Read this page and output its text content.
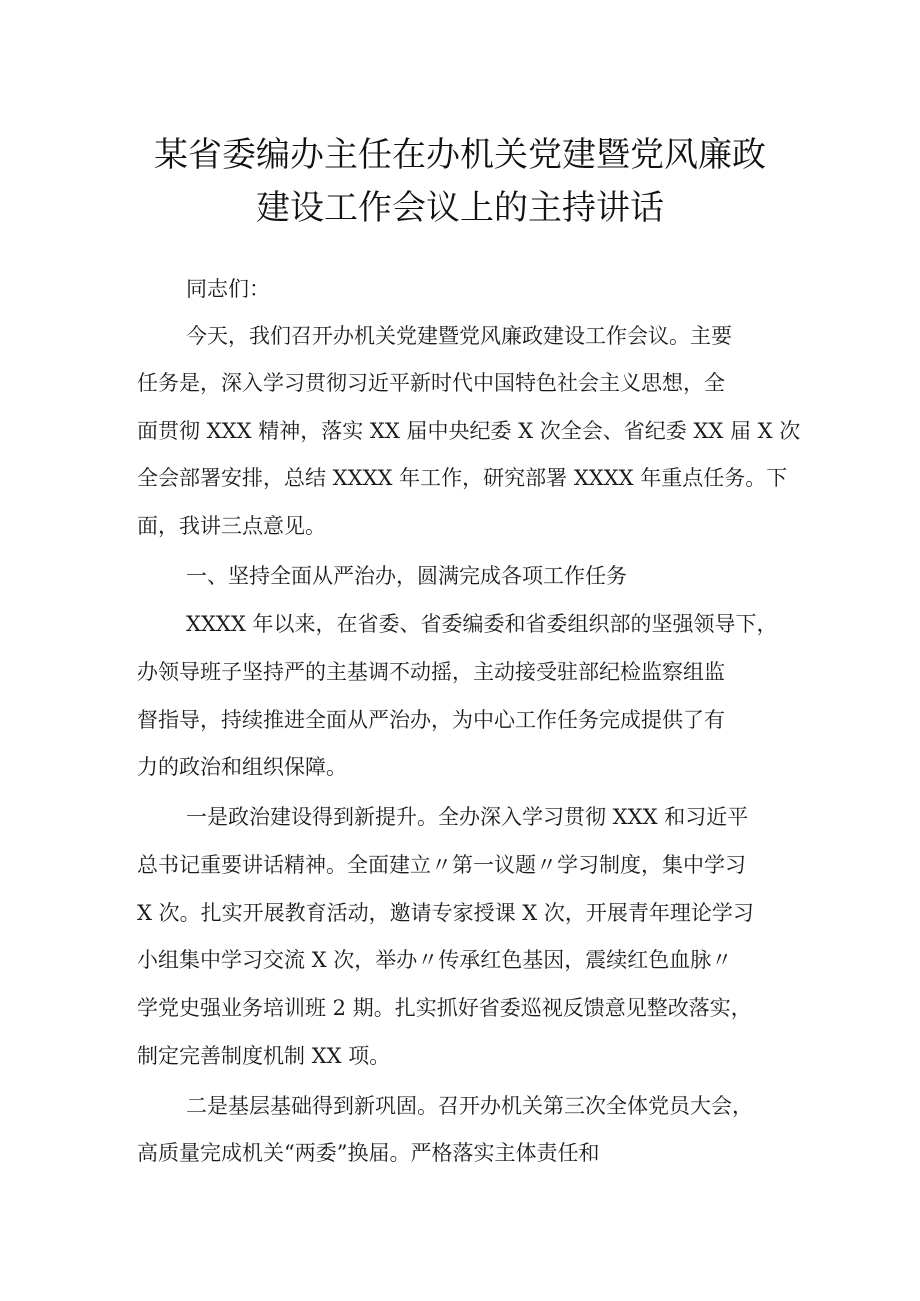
某省委编办主任在办机关党建暨党风廉政
建设工作会议上的主持讲话
同志们：
今天，我们召开办机关党建暨党风廉政建设工作会议。主要
任务是，深入学习贯彻习近平新时代中国特色社会主义思想，全
面贯彻 XXX 精神，落实 XX 届中央纪委 X 次全会、省纪委 XX 届 X 次
全会部署安排，总结 XXXX 年工作，研究部署 XXXX 年重点任务。下
面，我讲三点意见。
一、坚持全面从严治办，圆满完成各项工作任务
XXXX 年以来，在省委、省委编委和省委组织部的坚强领导下，
办领导班子坚持严的主基调不动摇，主动接受驻部纪检监察组监
督指导，持续推进全面从严治办，为中心工作任务完成提供了有
力的政治和组织保障。
一是政治建设得到新提升。全办深入学习贯彻 XXX 和习近平
总书记重要讲话精神。全面建立〃第一议题〃学习制度，集中学习
X 次。扎实开展教育活动，邀请专家授课 X 次，开展青年理论学习
小组集中学习交流 X 次，举办〃传承红色基因，震续红色血脉〃
学党史强业务培训班 2 期。扎实抓好省委巡视反馈意见整改落实，
制定完善制度机制 XX 项。
二是基层基础得到新巩固。召开办机关第三次全体党员大会，
高质量完成机关“两委”换届。严格落实主体责任和
